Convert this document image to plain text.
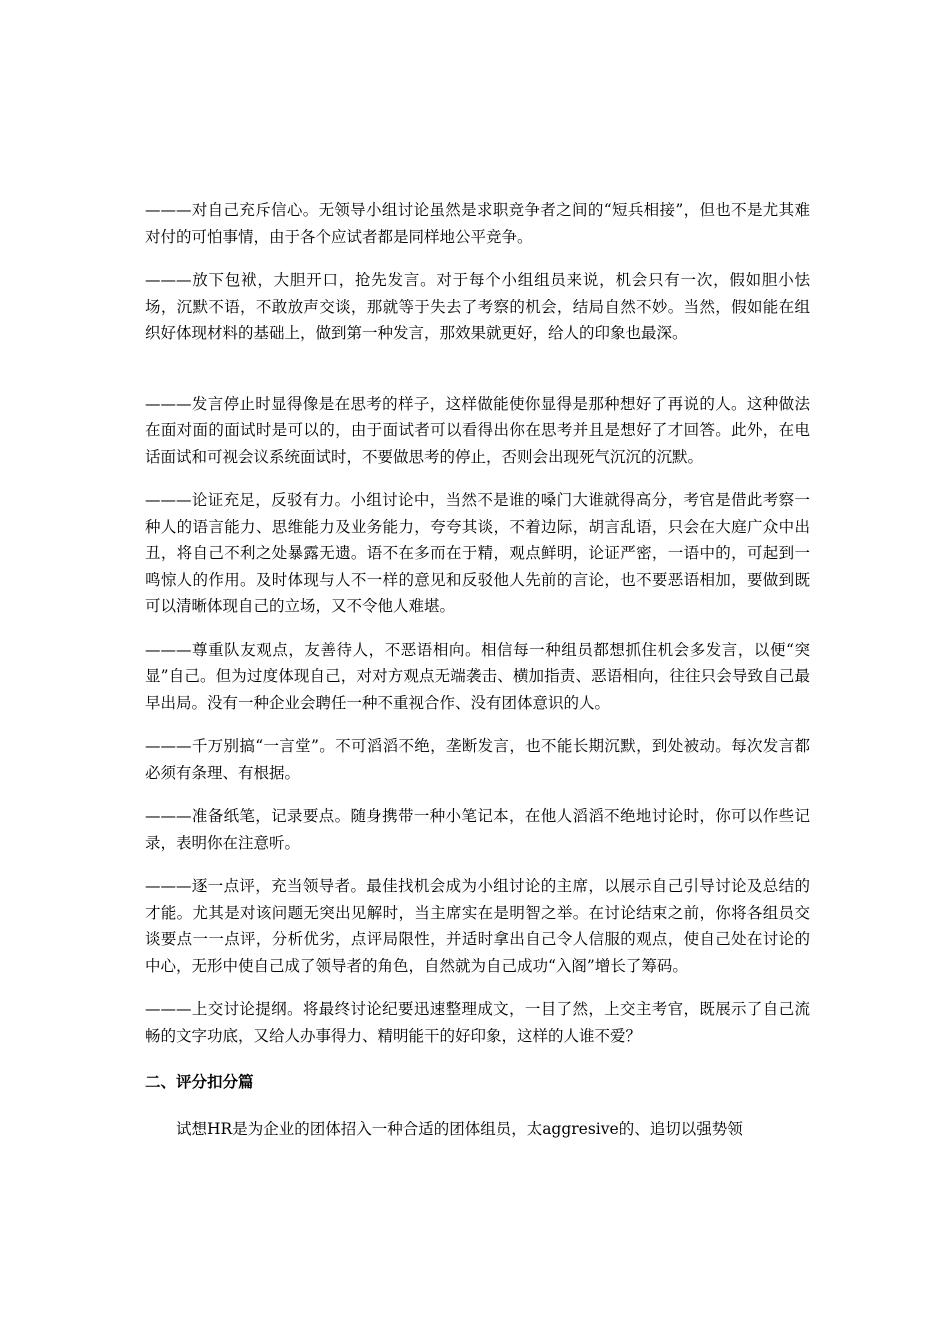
———对自己充斥信心。无领导小组讨论虽然是求职竞争者之间的“短兵相接”，但也不是尤其难对付的可怕事情，由于各个应试者都是同样地公平竞争。

———放下包袱，大胆开口，抢先发言。对于每个小组组员来说，机会只有一次，假如胆小怯场，沉默不语，不敢放声交谈，那就等于失去了考察的机会，结局自然不妙。当然，假如能在组织好体现材料的基础上，做到第一种发言，那效果就更好，给人的印象也最深。

———发言停止时显得像是在思考的样子，这样做能使你显得是那种想好了再说的人。这种做法在面对面的面试时是可以的，由于面试者可以看得出你在思考并且是想好了才回答。此外，在电话面试和可视会议系统面试时，不要做思考的停止，否则会出现死气沉沉的沉默。

———论证充足，反驳有力。小组讨论中，当然不是谁的嗓门大谁就得高分，考官是借此考察一种人的语言能力、思维能力及业务能力，夸夸其谈，不着边际，胡言乱语，只会在大庭广众中出丑，将自己不利之处暴露无遗。语不在多而在于精，观点鲜明，论证严密，一语中的，可起到一鸣惊人的作用。及时体现与人不一样的意见和反驳他人先前的言论，也不要恶语相加，要做到既可以清晰体现自己的立场，又不令他人难堪。

———尊重队友观点，友善待人，不恶语相向。相信每一种组员都想抓住机会多发言，以便“突显”自己。但为过度体现自己，对对方观点无端袭击、横加指责、恶语相向，往往只会导致自己最早出局。没有一种企业会聘任一种不重视合作、没有团体意识的人。

———千万别搞“一言堂”。不可滔滔不绝，垄断发言，也不能长期沉默，到处被动。每次发言都必须有条理、有根据。

———准备纸笔，记录要点。随身携带一种小笔记本，在他人滔滔不绝地讨论时，你可以作些记录，表明你在注意听。

———逐一点评，充当领导者。最佳找机会成为小组讨论的主席，以展示自己引导讨论及总结的才能。尤其是对该问题无突出见解时，当主席实在是明智之举。在讨论结束之前，你将各组员交谈要点一一点评，分析优劣，点评局限性，并适时拿出自己令人信服的观点，使自己处在讨论的中心，无形中使自己成了领导者的角色，自然就为自己成功“入阁”增长了筹码。

———上交讨论提纲。将最终讨论纪要迅速整理成文，一目了然，上交主考官，既展示了自己流畅的文字功底，又给人办事得力、精明能干的好印象，这样的人谁不爱？

二、评分扣分篇

试想HR是为企业的团体招入一种合适的团体组员，太aggresive的、追切以强势领
